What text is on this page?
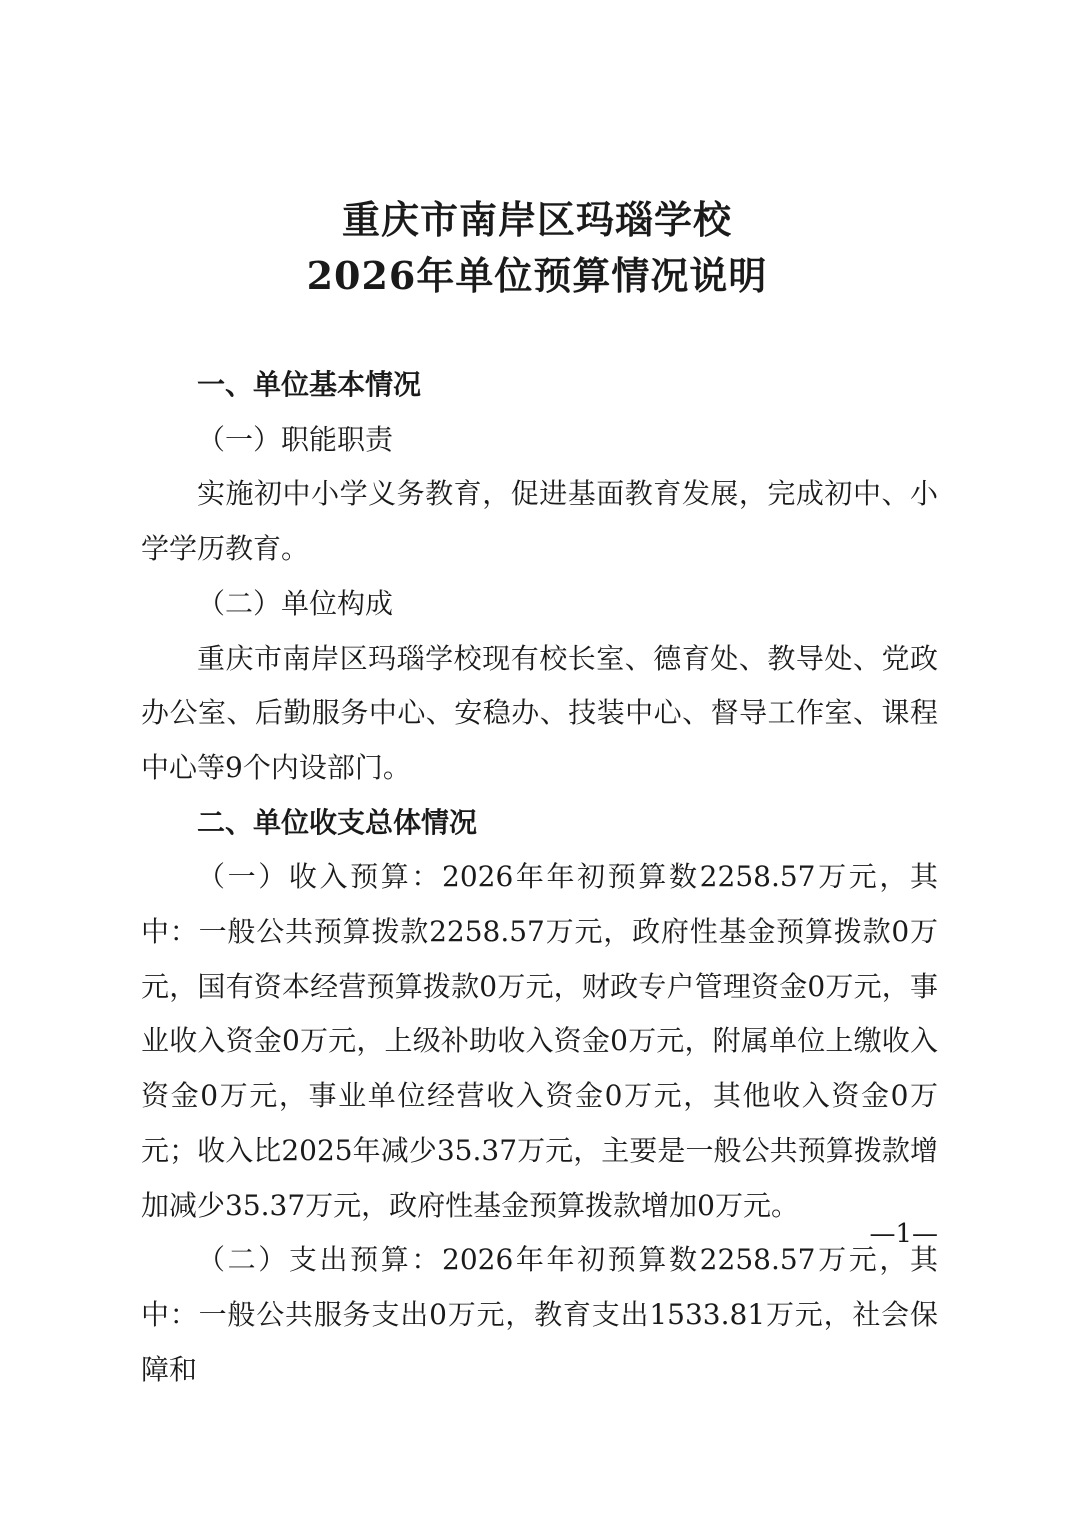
重庆市南岸区玛瑙学校
2026年单位预算情况说明

一、单位基本情况

（一）职能职责

实施初中小学义务教育，促进基面教育发展，完成初中、小学学历教育。

（二）单位构成

重庆市南岸区玛瑙学校现有校长室、德育处、教导处、党政办公室、后勤服务中心、安稳办、技装中心、督导工作室、课程中心等9个内设部门。

二、单位收支总体情况

（一）收入预算：2026年年初预算数2258.57万元，其中：一般公共预算拨款2258.57万元，政府性基金预算拨款0万元，国有资本经营预算拨款0万元，财政专户管理资金0万元，事业收入资金0万元，上级补助收入资金0万元，附属单位上缴收入资金0万元，事业单位经营收入资金0万元，其他收入资金0万元；收入比2025年减少35.37万元，主要是一般公共预算拨款增加减少35.37万元，政府性基金预算拨款增加0万元。

（二）支出预算：2026年年初预算数2258.57万元，其中：一般公共服务支出0万元，教育支出1533.81万元，社会保障和

—1—
